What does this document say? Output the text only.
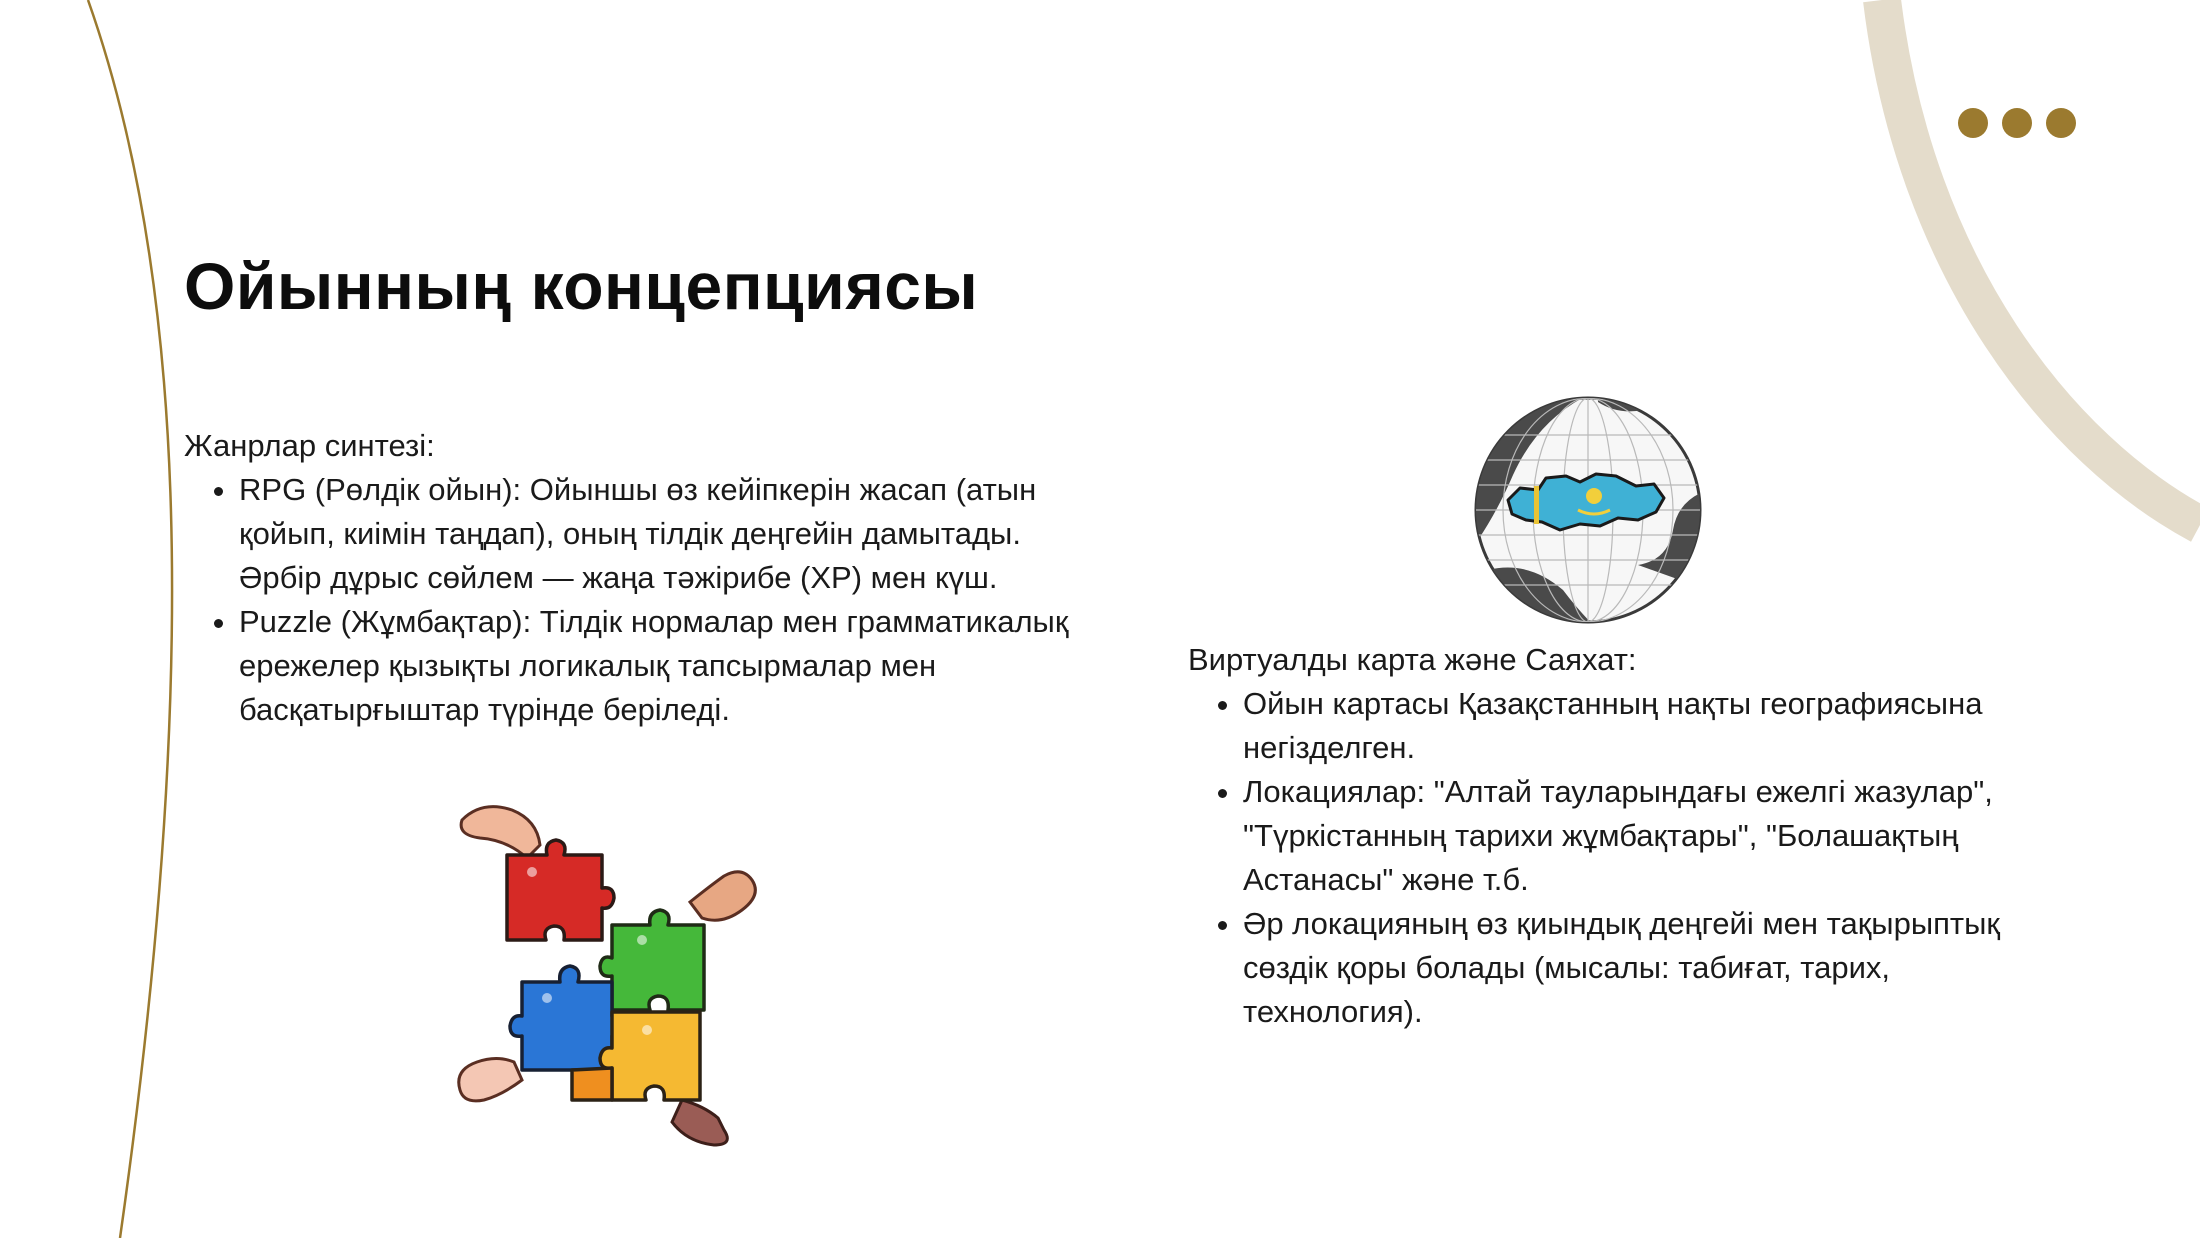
Ойынның концепциясы

Жанрлар синтезі:

• RPG (Рөлдік ойын): Ойыншы өз кейіпкерін жасап (атын қойып, киімін таңдап), оның тілдік деңгейін дамытады. Әрбір дұрыс сөйлем — жаңа тәжірибе (XP) мен күш.
• Puzzle (Жұмбақтар): Тілдік нормалар мен грамматикалық ережелер қызықты логикалық тапсырмалар мен басқатырғыштар түрінде беріледі.

Виртуалды карта және Саяхат:

• Ойын картасы Қазақстанның нақты географиясына негізделген.
• Локациялар: "Алтай тауларындағы ежелгі жазулар", "Түркістанның тарихи жұмбақтары", "Болашақтың Астанасы" және т.б.
• Әр локацияның өз қиындық деңгейі мен тақырыптық сөздік қоры болады (мысалы: табиғат, тарих, технология).
